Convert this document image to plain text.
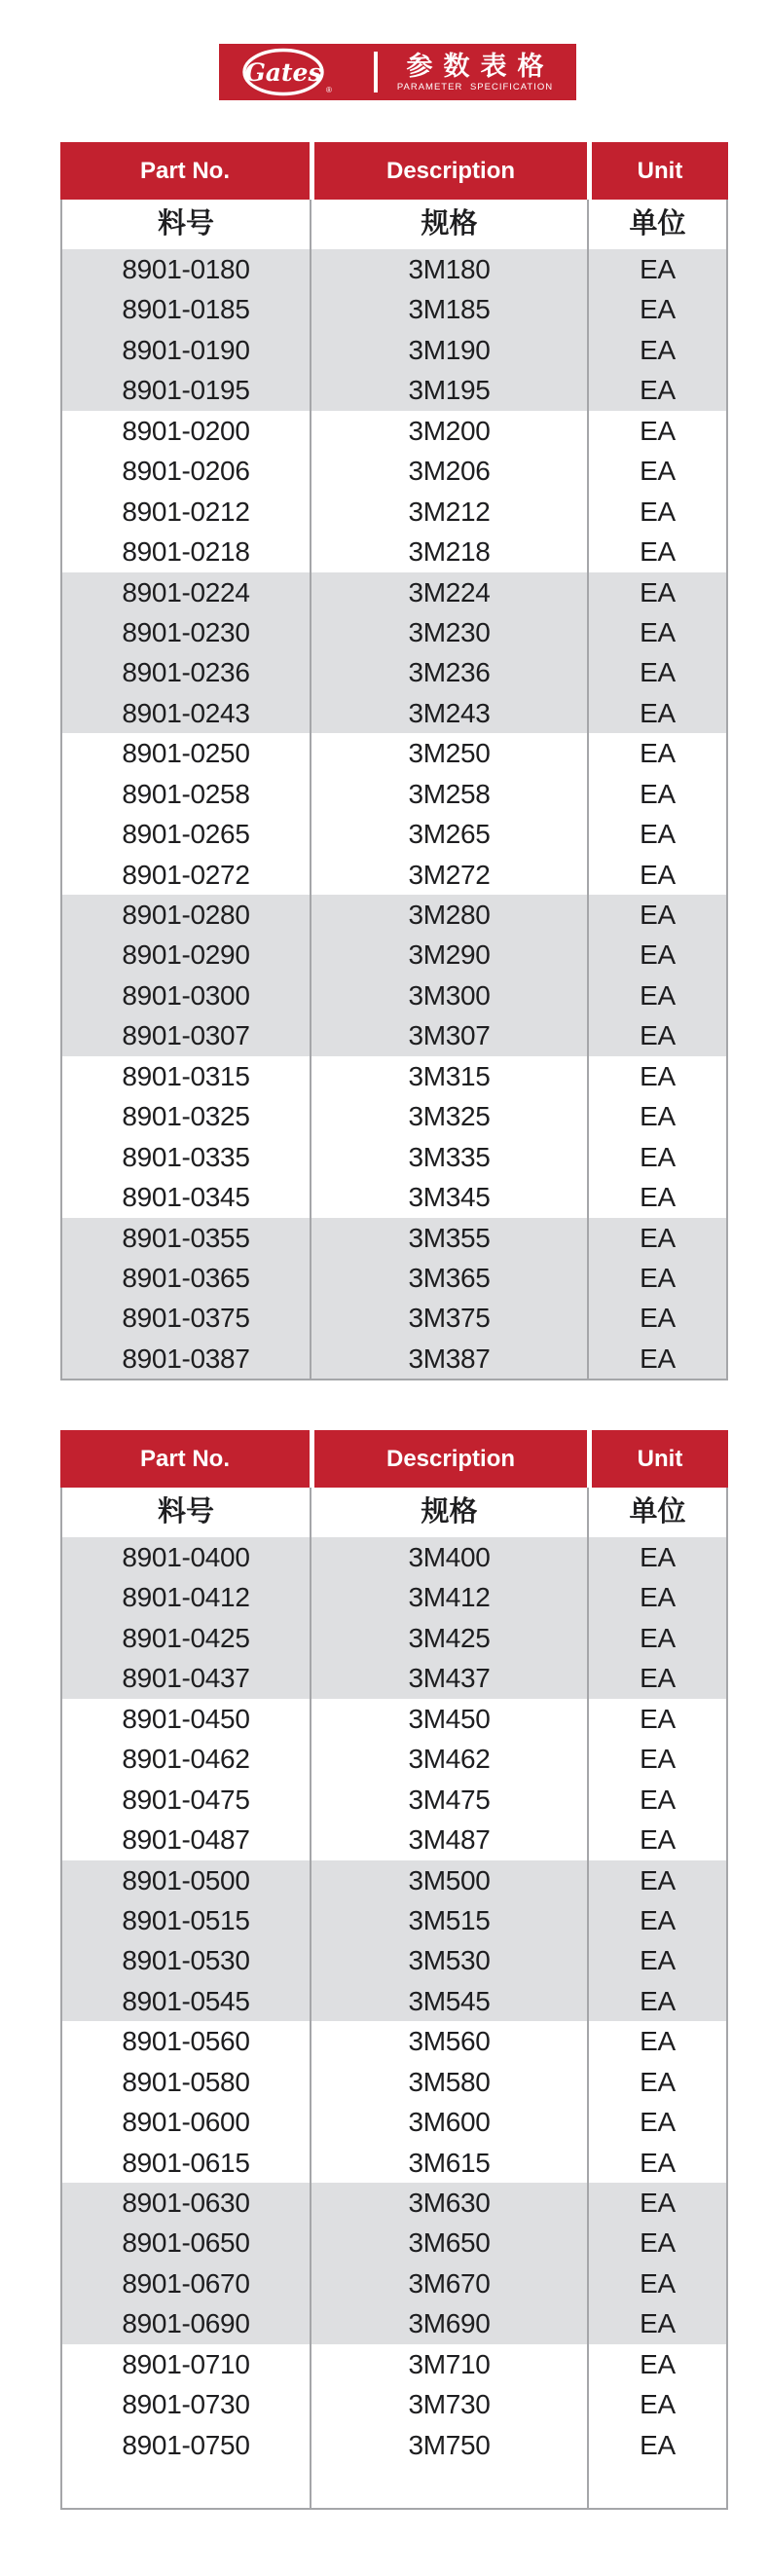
Gates
®
参数表格
PARAMETER SPECIFICATION
Part No.	Description	Unit
料号	规格	单位
8901-0180	3M180	EA
8901-0185	3M185	EA
8901-0190	3M190	EA
8901-0195	3M195	EA
8901-0200	3M200	EA
8901-0206	3M206	EA
8901-0212	3M212	EA
8901-0218	3M218	EA
8901-0224	3M224	EA
8901-0230	3M230	EA
8901-0236	3M236	EA
8901-0243	3M243	EA
8901-0250	3M250	EA
8901-0258	3M258	EA
8901-0265	3M265	EA
8901-0272	3M272	EA
8901-0280	3M280	EA
8901-0290	3M290	EA
8901-0300	3M300	EA
8901-0307	3M307	EA
8901-0315	3M315	EA
8901-0325	3M325	EA
8901-0335	3M335	EA
8901-0345	3M345	EA
8901-0355	3M355	EA
8901-0365	3M365	EA
8901-0375	3M375	EA
8901-0387	3M387	EA
Part No.	Description	Unit
料号	规格	单位
8901-0400	3M400	EA
8901-0412	3M412	EA
8901-0425	3M425	EA
8901-0437	3M437	EA
8901-0450	3M450	EA
8901-0462	3M462	EA
8901-0475	3M475	EA
8901-0487	3M487	EA
8901-0500	3M500	EA
8901-0515	3M515	EA
8901-0530	3M530	EA
8901-0545	3M545	EA
8901-0560	3M560	EA
8901-0580	3M580	EA
8901-0600	3M600	EA
8901-0615	3M615	EA
8901-0630	3M630	EA
8901-0650	3M650	EA
8901-0670	3M670	EA
8901-0690	3M690	EA
8901-0710	3M710	EA
8901-0730	3M730	EA
8901-0750	3M750	EA
